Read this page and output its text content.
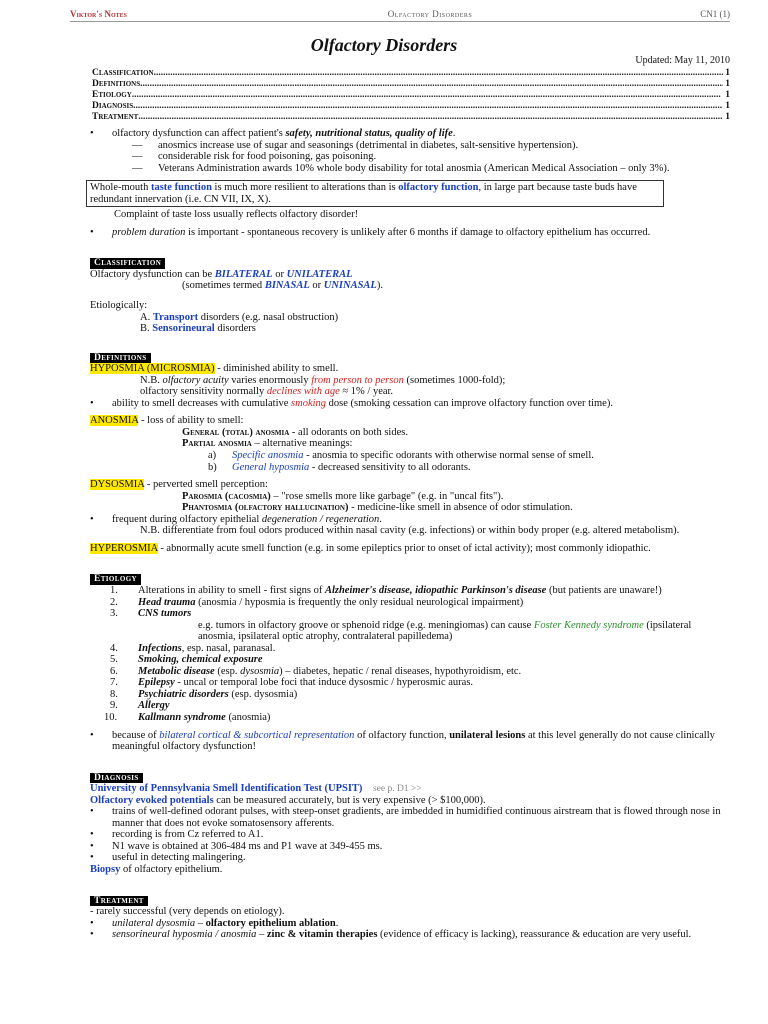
Viktor's Notes	Olfactory Disorders	CN1 (1)
Olfactory Disorders
Updated: May 11, 2010
Classification .....	1
Definitions .....	1
Etiology .....	1
Diagnosis .....	1
Treatment .....	1
• olfactory dysfunction can affect patient's safety, nutritional status, quality of life.
— anosmics increase use of sugar and seasonings (detrimental in diabetes, salt-sensitive hypertension).
— considerable risk for food poisoning, gas poisoning.
— Veterans Administration awards 10% whole body disability for total anosmia (American Medical Association – only 3%).
Whole-mouth taste function is much more resilient to alterations than is olfactory function, in large part because taste buds have redundant innervation (i.e. CN VII, IX, X).
Complaint of taste loss usually reflects olfactory disorder!
• problem duration is important - spontaneous recovery is unlikely after 6 months if damage to olfactory epithelium has occurred.
Classification
Olfactory dysfunction can be BILATERAL or UNILATERAL
(sometimes termed BINASAL or UNINASAL).
Etiologically:
A. Transport disorders (e.g. nasal obstruction)
B. Sensorineural disorders
Definitions
HYPOSMIA (MICROSMIA) - diminished ability to smell.
N.B. olfactory acuity varies enormously from person to person (sometimes 1000-fold);
olfactory sensitivity normally declines with age ≈ 1% / year.
• ability to smell decreases with cumulative smoking dose (smoking cessation can improve olfactory function over time).
ANOSMIA - loss of ability to smell:
General (total) anosmia - all odorants on both sides.
Partial anosmia – alternative meanings:
a)	Specific anosmia - anosmia to specific odorants with otherwise normal sense of smell.
b)	General hyposmia - decreased sensitivity to all odorants.
DYSOSMIA - perverted smell perception:
Parosmia (cacosmia) – "rose smells more like garbage" (e.g. in "uncal fits").
Phantosmia (olfactory hallucination) - medicine-like smell in absence of odor stimulation.
• frequent during olfactory epithelial degeneration / regeneration.
N.B. differentiate from foul odors produced within nasal cavity (e.g. infections) or within body proper (e.g. altered metabolism).
HYPEROSMIA - abnormally acute smell function (e.g. in some epileptics prior to onset of ictal activity); most commonly idiopathic.
Etiology
1. Alterations in ability to smell - first signs of Alzheimer's disease, idiopathic Parkinson's disease (but patients are unaware!)
2. Head trauma (anosmia / hyposmia is frequently the only residual neurological impairment)
3. CNS tumors
e.g. tumors in olfactory groove or sphenoid ridge (e.g. meningiomas) can cause Foster Kennedy syndrome (ipsilateral anosmia, ipsilateral optic atrophy, contralateral papilledema)
4. Infections, esp. nasal, paranasal.
5. Smoking, chemical exposure
6. Metabolic disease (esp. dysosmia) – diabetes, hepatic / renal diseases, hypothyroidism, etc.
7. Epilepsy - uncal or temporal lobe foci that induce dysosmic / hyperosmic auras.
8. Psychiatric disorders (esp. dysosmia)
9. Allergy
10. Kallmann syndrome (anosmia)
• because of bilateral cortical & subcortical representation of olfactory function, unilateral lesions at this level generally do not cause clinically meaningful olfactory dysfunction!
Diagnosis
University of Pennsylvania Smell Identification Test (UPSIT) see p. D1 >>
Olfactory evoked potentials can be measured accurately, but is very expensive (> $100,000).
• trains of well-defined odorant pulses, with steep-onset gradients, are imbedded in humidified continuous airstream that is flowed through nose in manner that does not evoke somatosensory afferents.
• recording is from Cz referred to A1.
• N1 wave is obtained at 306-484 ms and P1 wave at 349-455 ms.
• useful in detecting malingering.
Biopsy of olfactory epithelium.
Treatment
- rarely successful (very depends on etiology).
• unilateral dysosmia – olfactory epithelium ablation.
• sensorineural hyposmia / anosmia – zinc & vitamin therapies (evidence of efficacy is lacking), reassurance & education are very useful.
